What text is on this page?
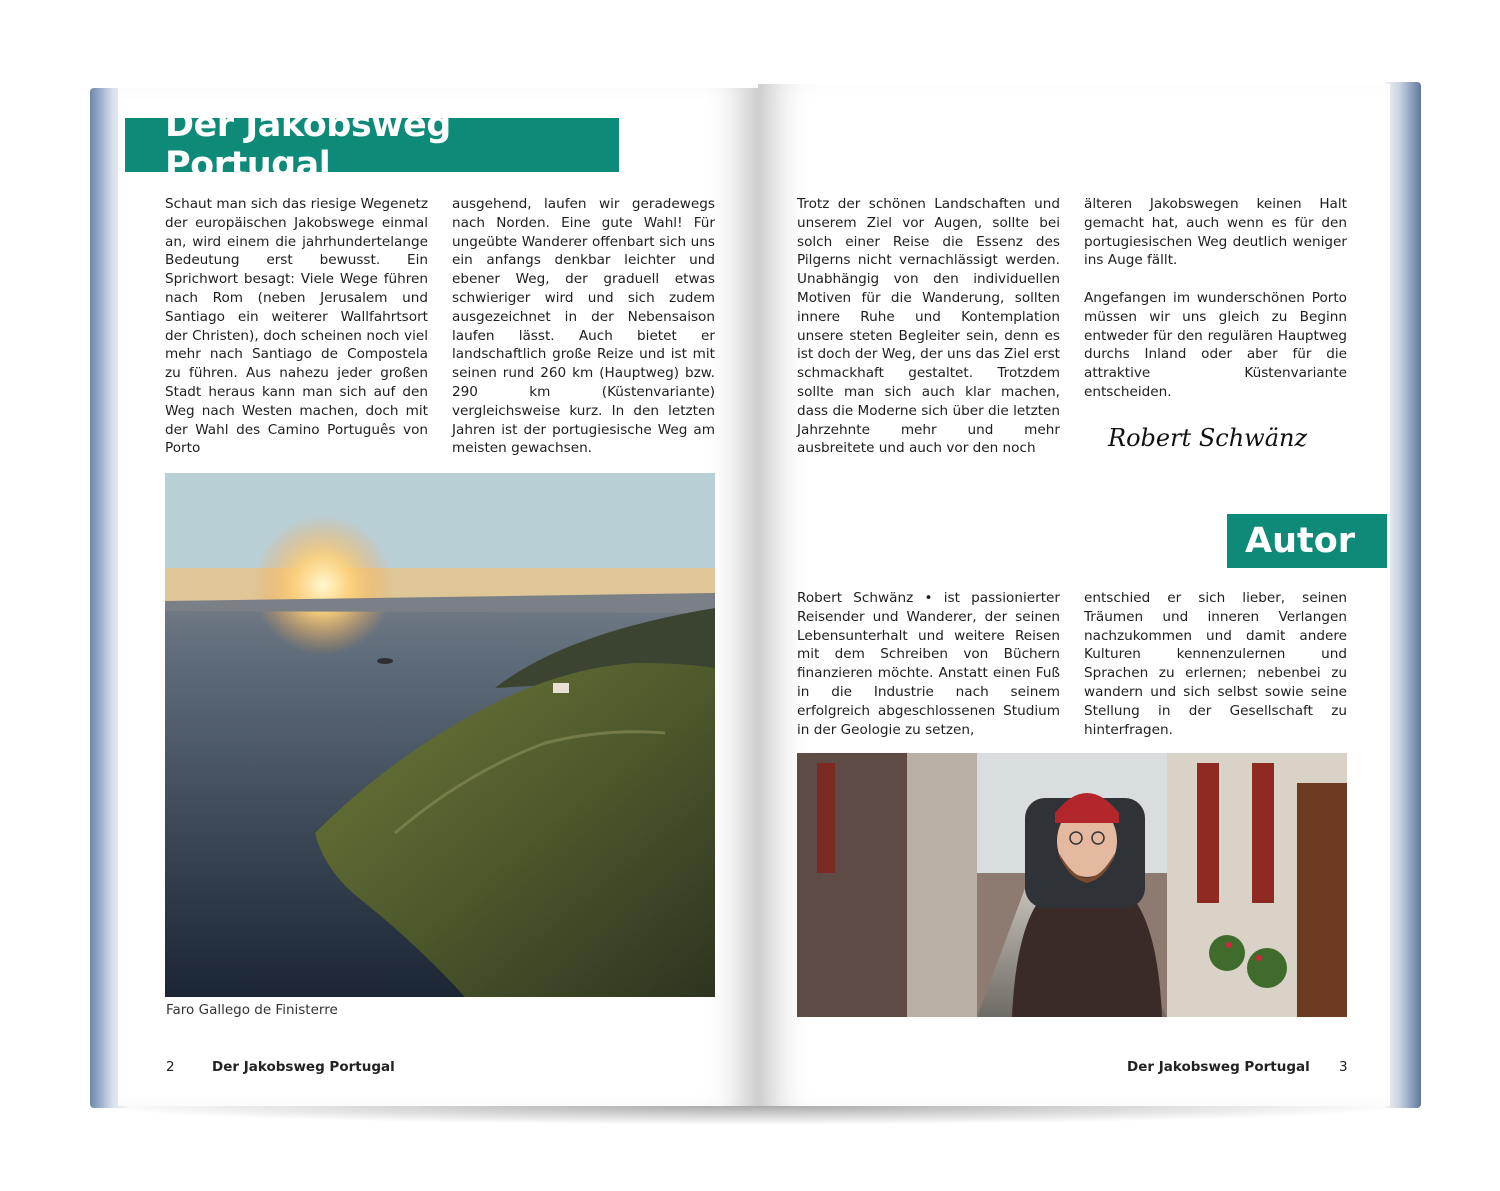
Der Jakobsweg Portugal

Schaut man sich das riesige Wegenetz der europäischen Jakobswege einmal an, wird einem die jahrhundertelange Bedeutung erst bewusst. Ein Sprichwort besagt: Viele Wege führen nach Rom (neben Jerusalem und Santiago ein weiterer Wallfahrtsort der Christen), doch scheinen noch viel mehr nach Santiago de Compostela zu führen. Aus nahezu jeder großen Stadt heraus kann man sich auf den Weg nach Westen machen, doch mit der Wahl des Camino Português von Porto

ausgehend, laufen wir geradewegs nach Norden. Eine gute Wahl! Für ungeübte Wanderer offenbart sich uns ein anfangs denkbar leichter und ebener Weg, der graduell etwas schwieriger wird und sich zudem ausgezeichnet in der Nebensaison laufen lässt. Auch bietet er landschaftlich große Reize und ist mit seinen rund 260 km (Hauptweg) bzw. 290 km (Küstenvariante) vergleichsweise kurz. In den letzten Jahren ist der portugiesische Weg am meisten gewachsen.

Faro Gallego de Finisterre
2	Der Jakobsweg Portugal

Trotz der schönen Landschaften und unserem Ziel vor Augen, sollte bei solch einer Reise die Essenz des Pilgerns nicht vernachlässigt werden. Unabhängig von den individuellen Motiven für die Wanderung, sollten innere Ruhe und Kontemplation unsere steten Begleiter sein, denn es ist doch der Weg, der uns das Ziel erst schmackhaft gestaltet. Trotzdem sollte man sich auch klar machen, dass die Moderne sich über die letzten Jahrzehnte mehr und mehr ausbreitete und auch vor den noch

älteren Jakobswegen keinen Halt gemacht hat, auch wenn es für den portugiesischen Weg deutlich weniger ins Auge fällt.

Angefangen im wunderschönen Porto müssen wir uns gleich zu Beginn entweder für den regulären Hauptweg durchs Inland oder aber für die attraktive Küstenvariante entscheiden.

Robert Schwänz
Autor

Robert Schwänz • ist passionierter Reisender und Wanderer, der seinen Lebensunterhalt und weitere Reisen mit dem Schreiben von Büchern finanzieren möchte. Anstatt einen Fuß in die Industrie nach seinem erfolgreich abgeschlossenen Studium in der Geologie zu setzen,

entschied er sich lieber, seinen Träumen und inneren Verlangen nachzukommen und damit andere Kulturen kennenzulernen und Sprachen zu erlernen; nebenbei zu wandern und sich selbst sowie seine Stellung in der Gesellschaft zu hinterfragen.

Der Jakobsweg Portugal 3
